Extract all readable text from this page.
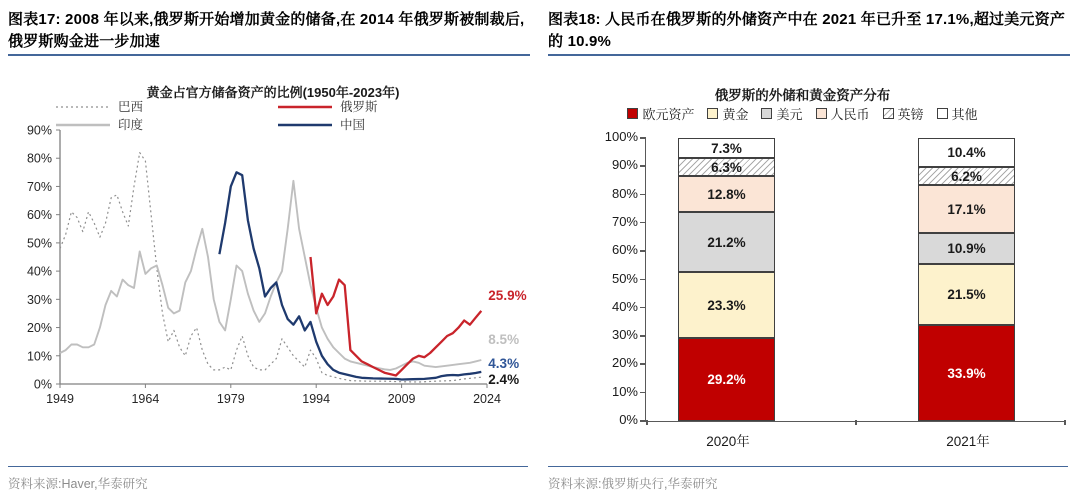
图表17: 2008 年以来,俄罗斯开始增加黄金的储备,在 2014 年俄罗斯被制裁后,俄罗斯购金进一步加速
黄金占官方储备资产的比例(1950年-2023年)
巴西
印度
俄罗斯
中国
0%
10%
20%
30%
40%
50%
60%
70%
80%
90%
1949	1964	1979	1994	2009	2024
2.4%
8.5%
25.9%
4.3%
资料来源:Haver,华泰研究
图表18: 人民币在俄罗斯的外储资产中在 2021 年已升至 17.1%,超过美元资产的 10.9%
俄罗斯的外储和黄金资产分布
欧元资产 黄金 美元 人民币 英镑 其他
0%
10%
20%
30%
40%
50%
60%
70%
80%
90%
100%
29.2%
23.3%
21.2%
12.8%
6.3%
7.3%
33.9%
21.5%
10.9%
17.1%
6.2%
10.4%
2020年	2021年
资料来源:俄罗斯央行,华泰研究
